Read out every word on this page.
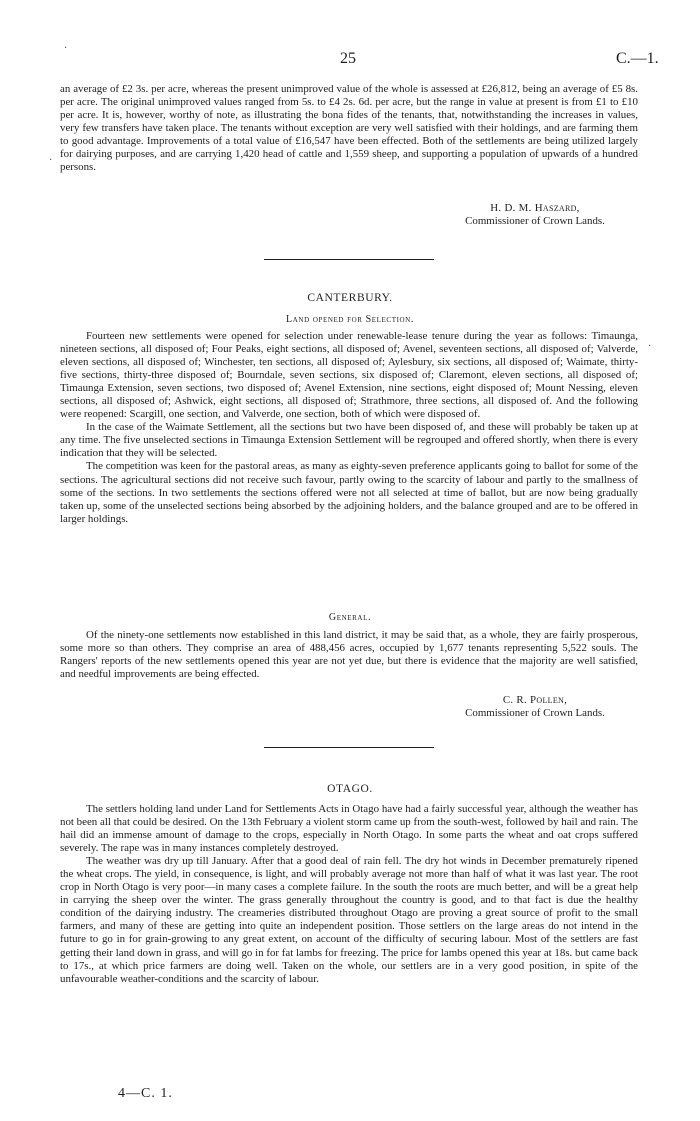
25	C.—1.

an average of £2 3s. per acre, whereas the present unimproved value of the whole is assessed at £26,812, being an average of £5 8s. per acre. The original unimproved values ranged from 5s. to £4 2s. 6d. per acre, but the range in value at present is from £1 to £10 per acre. It is, however, worthy of note, as illustrating the bona fides of the tenants, that, notwithstanding the increases in values, very few transfers have taken place. The tenants without exception are very well satisfied with their holdings, and are farming them to good advantage. Improvements of a total value of £16,547 have been effected. Both of the settlements are being utilized largely for dairying purposes, and are carrying 1,420 head of cattle and 1,559 sheep, and supporting a population of upwards of a hundred persons.

H. D. M. Haszard,
Commissioner of Crown Lands.
CANTERBURY.
Land opened for Selection.

Fourteen new settlements were opened for selection under renewable-lease tenure during the year as follows: Timaunga, nineteen sections, all disposed of; Four Peaks, eight sections, all disposed of; Avenel, seventeen sections, all disposed of; Valverde, eleven sections, all disposed of; Winchester, ten sections, all disposed of; Aylesbury, six sections, all disposed of; Waimate, thirty-five sections, thirty-three disposed of; Bourndale, seven sections, six disposed of; Claremont, eleven sections, all disposed of; Timaunga Extension, seven sections, two disposed of; Avenel Extension, nine sections, eight disposed of; Mount Nessing, eleven sections, all disposed of; Ashwick, eight sections, all disposed of; Strathmore, three sections, all disposed of. And the following were reopened: Scargill, one section, and Valverde, one section, both of which were disposed of.

In the case of the Waimate Settlement, all the sections but two have been disposed of, and these will probably be taken up at any time. The five unselected sections in Timaunga Extension Settlement will be regrouped and offered shortly, when there is every indication that they will be selected.

The competition was keen for the pastoral areas, as many as eighty-seven preference applicants going to ballot for some of the sections. The agricultural sections did not receive such favour, partly owing to the scarcity of labour and partly to the smallness of some of the sections. In two settlements the sections offered were not all selected at time of ballot, but are now being gradually taken up, some of the unselected sections being absorbed by the adjoining holders, and the balance grouped and are to be offered in larger holdings.

General.

Of the ninety-one settlements now established in this land district, it may be said that, as a whole, they are fairly prosperous, some more so than others. They comprise an area of 488,456 acres, occupied by 1,677 tenants representing 5,522 souls. The Rangers' reports of the new settlements opened this year are not yet due, but there is evidence that the majority are well satisfied, and needful improvements are being effected.

C. R. Pollen,
Commissioner of Crown Lands.
OTAGO.

The settlers holding land under Land for Settlements Acts in Otago have had a fairly successful year, although the weather has not been all that could be desired. On the 13th February a violent storm came up from the south-west, followed by hail and rain. The hail did an immense amount of damage to the crops, especially in North Otago. In some parts the wheat and oat crops suffered severely. The rape was in many instances completely destroyed.

The weather was dry up till January. After that a good deal of rain fell. The dry hot winds in December prematurely ripened the wheat crops. The yield, in consequence, is light, and will probably average not more than half of what it was last year. The root crop in North Otago is very poor—in many cases a complete failure. In the south the roots are much better, and will be a great help in carrying the sheep over the winter. The grass generally throughout the country is good, and to that fact is due the healthy condition of the dairying industry. The creameries distributed throughout Otago are proving a great source of profit to the small farmers, and many of these are getting into quite an independent position. Those settlers on the large areas do not intend in the future to go in for grain-growing to any great extent, on account of the difficulty of securing labour. Most of the settlers are fast getting their land down in grass, and will go in for fat lambs for freezing. The price for lambs opened this year at 18s. but came back to 17s., at which price farmers are doing well. Taken on the whole, our settlers are in a very good position, in spite of the unfavourable weather-conditions and the scarcity of labour.

4—C. 1.
·
·
·
